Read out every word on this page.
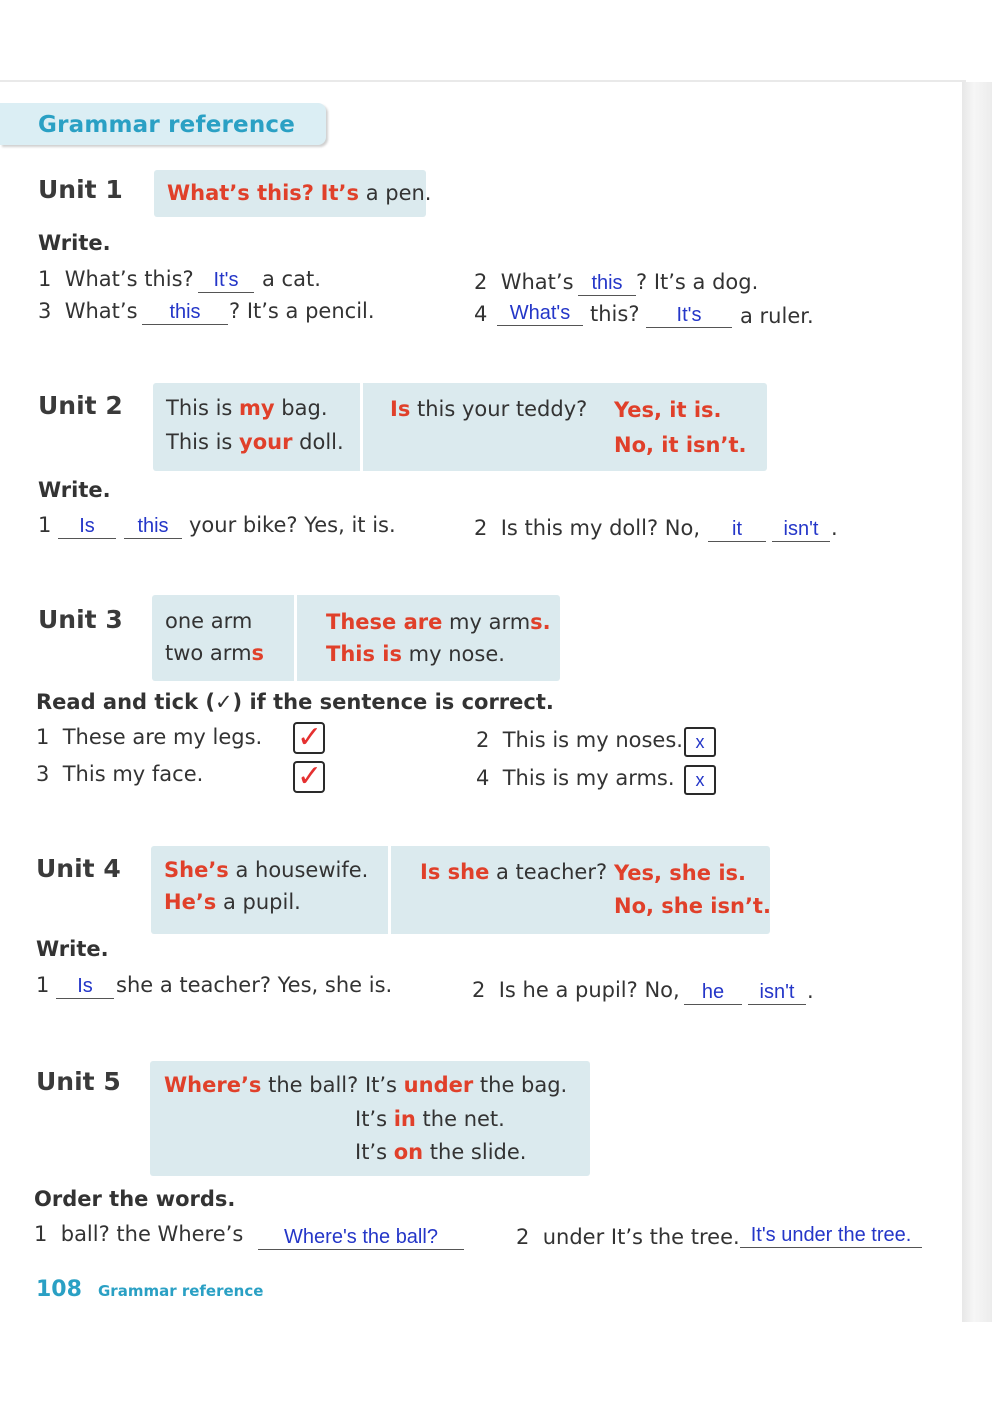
Grammar reference
Unit 1 What’s this? It’s a pen.
Write.
1 What’s this? It's	a cat.	2 What’s this ? It’s a dog.
3 What’s	this	? It’s a pencil.	4	What's this?	It's	a ruler.
Unit 2 This is my bag.
This is your doll.
Is this your teddy? Yes, it is.
No, it isn’t.
Write.
1	Is	this your bike? Yes, it is.	2 Is this my doll? No,	it	isn't .
Unit 3 one arm
two arms
These are my arms.
This is my nose.
Read and tick (✓) if the sentence is correct.
1 These are my legs. ✓	2 This is my noses. x
3 This my face.	✓	4 This is my arms.	x
Unit 4 She’s a housewife.
He’s a pupil.
Is she a teacher? Yes, she is.
No, she isn’t.
Write.
1	Is	she a teacher? Yes, she is.	2 Is he a pupil? No,	he	isn't .
Unit 5 Where’s the ball? It’s under the bag.
It’s in the net.
It’s on the slide.
Order the words.
1 ball? the Where’s	Where's the ball?	2 under It’s the tree. It's under the tree.
108 Grammar reference
